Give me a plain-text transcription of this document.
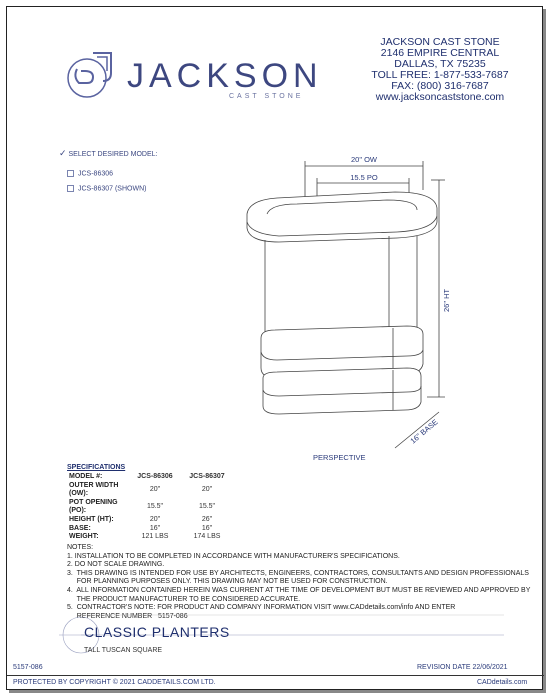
JACKSON
CAST STONE
JACKSON CAST STONE
2146 EMPIRE CENTRAL
DALLAS, TX 75235
TOLL FREE: 1-877-533-7687
FAX: (800) 316-7687
www.jacksoncaststone.com
✓ SELECT DESIRED MODEL:
JCS-86306
JCS-86307 (SHOWN)
20" OW
15.5 PO
26" HT
16" BASE
PERSPECTIVE
SPECIFICATIONS
MODEL #:	JCS-86306	JCS-86307
OUTER WIDTH (OW):	20"	20"
POT OPENING (PO):	15.5"	15.5"
HEIGHT (HT):	20"	26"
BASE:	16"	16"
WEIGHT:	121 LBS	174 LBS
NOTES:
1. INSTALLATION TO BE COMPLETED IN ACCORDANCE WITH MANUFACTURER'S SPECIFICATIONS.
2. DO NOT SCALE DRAWING.
3.  THIS DRAWING IS INTENDED FOR USE BY ARCHITECTS, ENGINEERS, CONTRACTORS, CONSULTANTS AND DESIGN PROFESSIONALS
FOR PLANNING PURPOSES ONLY. THIS DRAWING MAY NOT BE USED FOR CONSTRUCTION.
4.  ALL INFORMATION CONTAINED HEREIN WAS CURRENT AT THE TIME OF DEVELOPMENT BUT MUST BE REVIEWED AND APPROVED BY
THE PRODUCT MANUFACTURER TO BE CONSIDERED ACCURATE.
5.  CONTRACTOR'S NOTE: FOR PRODUCT AND COMPANY INFORMATION VISIT www.CADdetails.com/info AND ENTER
REFERENCE NUMBER   5157-086
CLASSIC PLANTERS
TALL TUSCAN SQUARE
5157-086	REVISION DATE 22/06/2021
PROTECTED BY COPYRIGHT © 2021 CADDETAILS.COM LTD.	CADdetails.com
